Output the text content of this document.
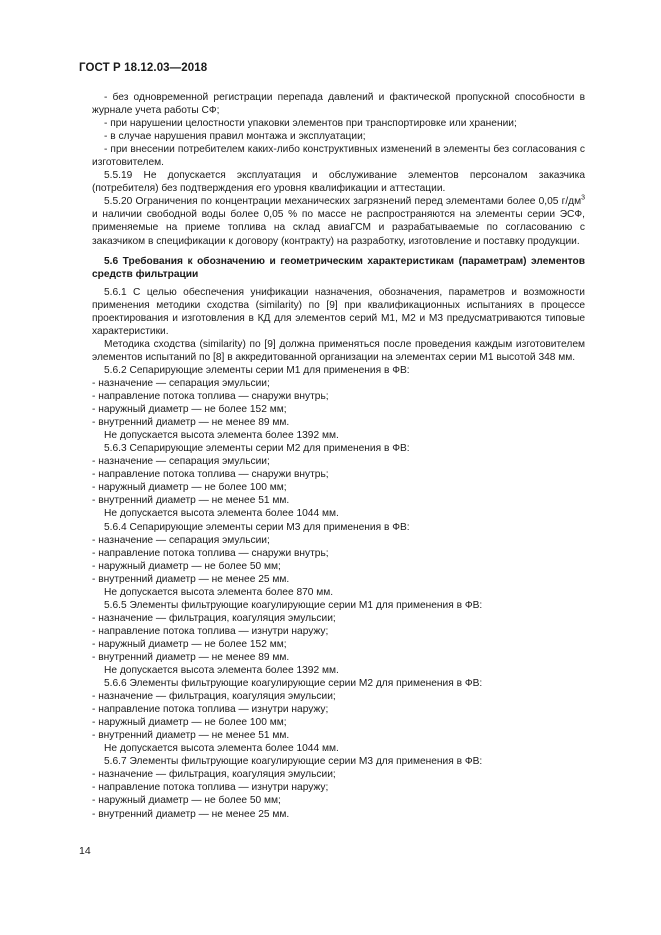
ГОСТ Р 18.12.03—2018

- без одновременной регистрации перепада давлений и фактической пропускной способности в журнале учета работы СФ;

- при нарушении целостности упаковки элементов при транспортировке или хранении;

- в случае нарушения правил монтажа и эксплуатации;

- при внесении потребителем каких-либо конструктивных изменений в элементы без согласования с изготовителем.

5.5.19 Не допускается эксплуатация и обслуживание элементов персоналом заказчика (потребителя) без подтверждения его уровня квалификации и аттестации.

5.5.20 Ограничения по концентрации механических загрязнений перед элементами более 0,05 $г/дм^3$ и наличии свободной воды более 0,05 % по массе не распространяются на элементы серии ЭСФ, применяемые на приеме топлива на склад авиаГСМ и разрабатываемые по согласованию с заказчиком в спецификации к договору (контракту) на разработку, изготовление и поставку продукции.

5.6 Требования к обозначению и геометрическим характеристикам (параметрам) элементов средств фильтрации

5.6.1 С целью обеспечения унификации назначения, обозначения, параметров и возможности применения методики сходства (similarity) по [9] при квалификационных испытаниях в процессе проектирования и изготовления в КД для элементов серий М1, М2 и М3 предусматриваются типовые характеристики.

Методика сходства (similarity) по [9] должна применяться после проведения каждым изготовителем элементов испытаний по [8] в аккредитованной организации на элементах серии М1 высотой 348 мм.

5.6.2 Сепарирующие элементы серии М1 для применения в ФВ:

- назначение — сепарация эмульсии;

- направление потока топлива — снаружи внутрь;

- наружный диаметр — не более 152 мм;

- внутренний диаметр — не менее 89 мм.

Не допускается высота элемента более 1392 мм.

5.6.3 Сепарирующие элементы серии М2 для применения в ФВ:

- назначение — сепарация эмульсии;

- направление потока топлива — снаружи внутрь;

- наружный диаметр — не более 100 мм;

- внутренний диаметр — не менее 51 мм.

Не допускается высота элемента более 1044 мм.

5.6.4 Сепарирующие элементы серии М3 для применения в ФВ:

- назначение — сепарация эмульсии;

- направление потока топлива — снаружи внутрь;

- наружный диаметр — не более 50 мм;

- внутренний диаметр — не менее 25 мм.

Не допускается высота элемента более 870 мм.

5.6.5 Элементы фильтрующие коагулирующие серии М1 для применения в ФВ:

- назначение — фильтрация, коагуляция эмульсии;

- направление потока топлива — изнутри наружу;

- наружный диаметр — не более 152 мм;

- внутренний диаметр — не менее 89 мм.

Не допускается высота элемента более 1392 мм.

5.6.6 Элементы фильтрующие коагулирующие серии М2 для применения в ФВ:

- назначение — фильтрация, коагуляция эмульсии;

- направление потока топлива — изнутри наружу;

- наружный диаметр — не более 100 мм;

- внутренний диаметр — не менее 51 мм.

Не допускается высота элемента более 1044 мм.

5.6.7 Элементы фильтрующие коагулирующие серии М3 для применения в ФВ:

- назначение — фильтрация, коагуляция эмульсии;

- направление потока топлива — изнутри наружу;

- наружный диаметр — не более 50 мм;

- внутренний диаметр — не менее 25 мм.

14
